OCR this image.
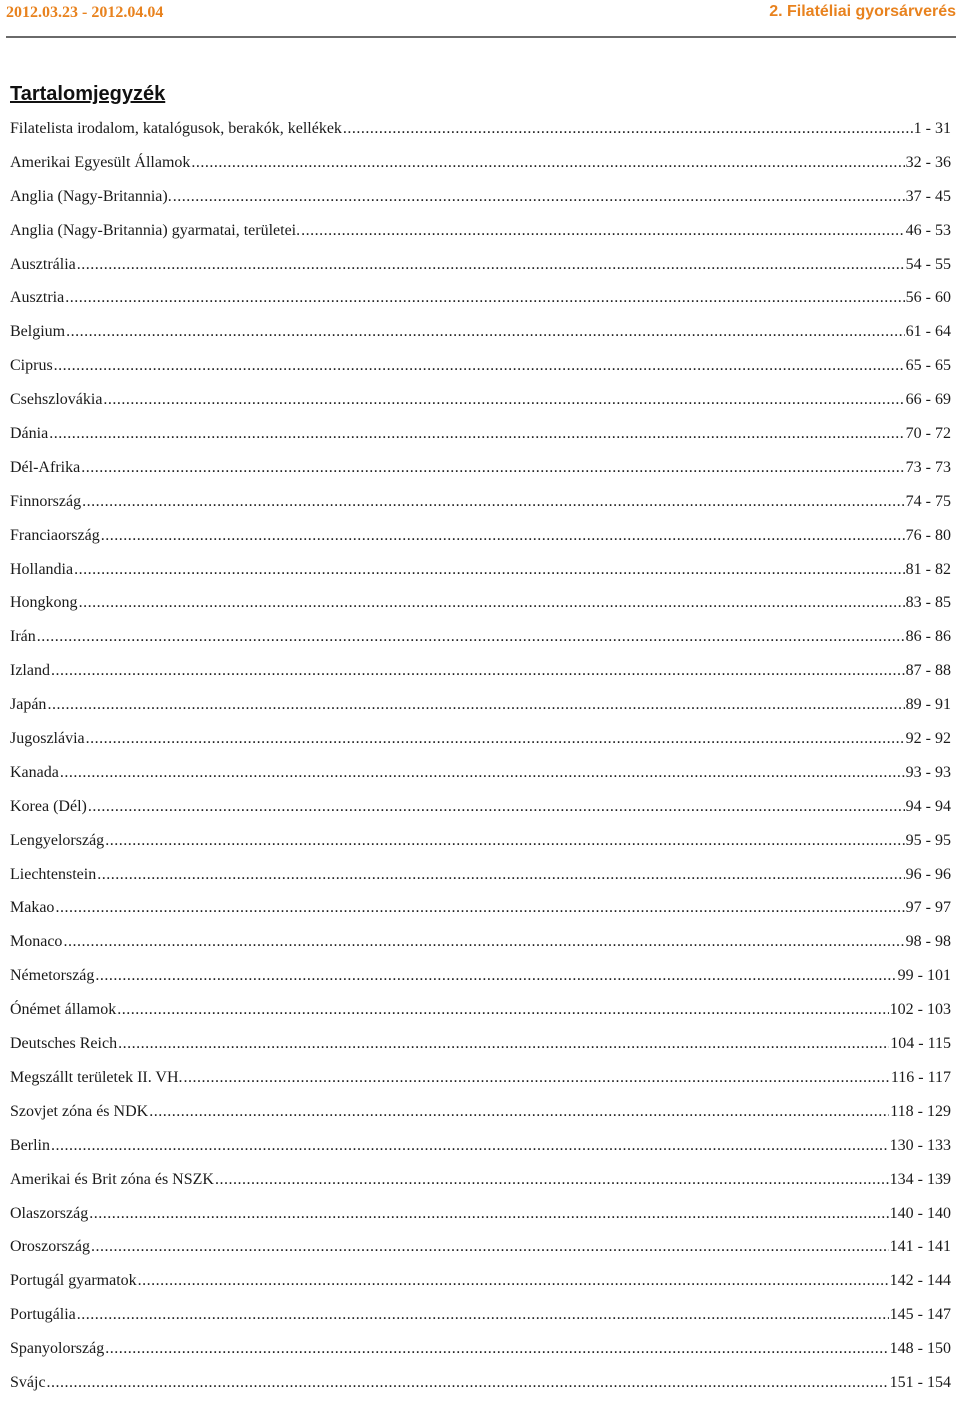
2012.03.23 - 2012.04.04	2. Filatéliai gyorsárverés
Tartalomjegyzék
Filatelista irodalom, katalógusok, berakók, kellékek .....	1 - 31
Amerikai Egyesült Államok .....	32 - 36
Anglia (Nagy-Britannia). .....	37 - 45
Anglia (Nagy-Britannia) gyarmatai, területei. .....	46 - 53
Ausztrália .....	54 - 55
Ausztria .....	56 - 60
Belgium .....	61 - 64
Ciprus .....	65 - 65
Csehszlovákia .....	66 - 69
Dánia .....	70 - 72
Dél-Afrika .....	73 - 73
Finnország .....	74 - 75
Franciaország .....	76 - 80
Hollandia .....	81 - 82
Hongkong .....	83 - 85
Irán .....	86 - 86
Izland .....	87 - 88
Japán .....	89 - 91
Jugoszlávia .....	92 - 92
Kanada .....	93 - 93
Korea (Dél) .....	94 - 94
Lengyelország .....	95 - 95
Liechtenstein .....	96 - 96
Makao .....	97 - 97
Monaco .....	98 - 98
Németország .....	99 - 101
Ónémet államok .....	102 - 103
Deutsches Reich .....	104 - 115
Megszállt területek II. VH. .....	116 - 117
Szovjet zóna és NDK .....	118 - 129
Berlin .....	130 - 133
Amerikai és Brit zóna és NSZK .....	134 - 139
Olaszország .....	140 - 140
Oroszország .....	141 - 141
Portugál gyarmatok .....	142 - 144
Portugália .....	145 - 147
Spanyolország .....	148 - 150
Svájc .....	151 - 154
